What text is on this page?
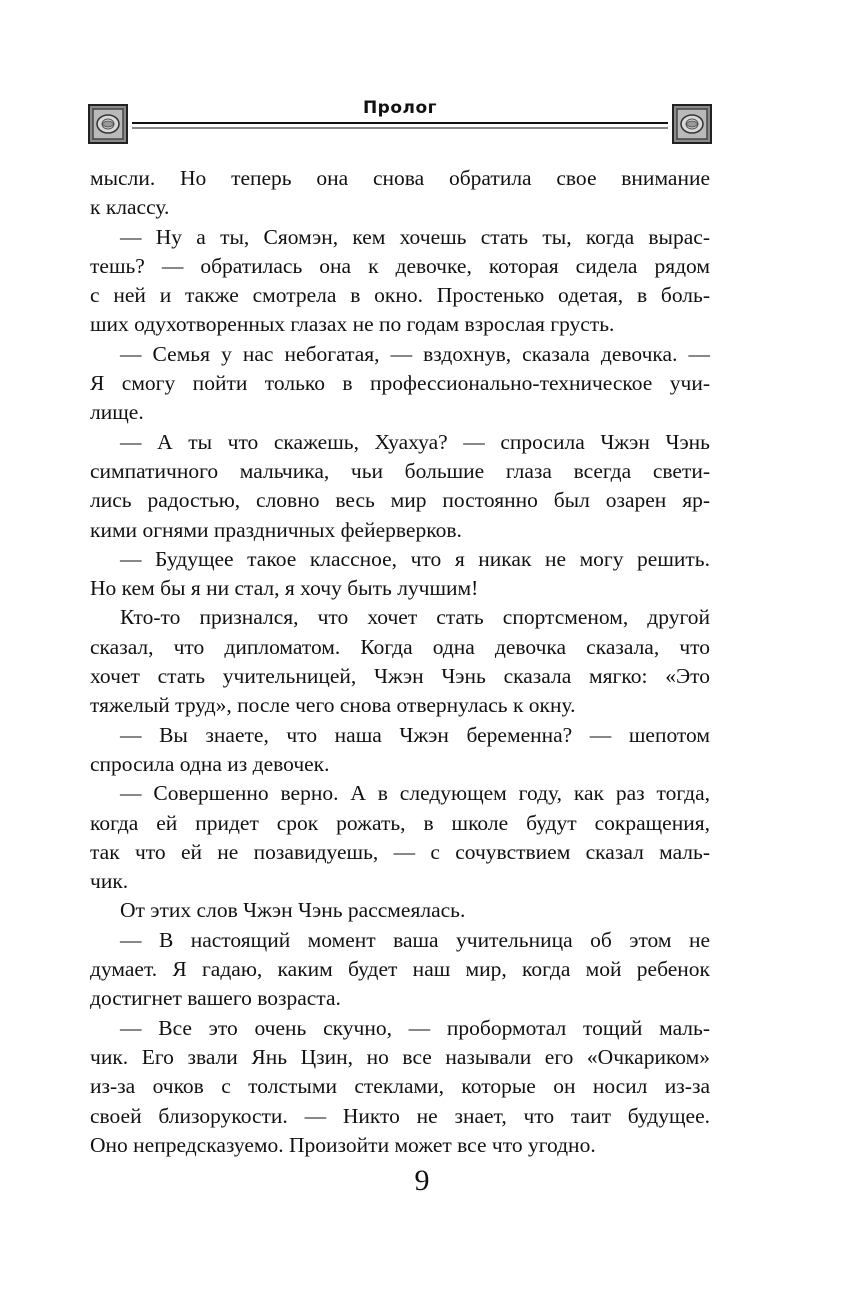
Пролог
мысли. Но теперь она снова обратила свое внимание
к классу.
— Ну а ты, Сяомэн, кем хочешь стать ты, когда вырас-
тешь? — обратилась она к девочке, которая сидела рядом
с ней и также смотрела в окно. Простенько одетая, в боль-
ших одухотворенных глазах не по годам взрослая грусть.
— Семья у нас небогатая, — вздохнув, сказала девочка. —
Я смогу пойти только в профессионально-техническое учи-
лище.
— А ты что скажешь, Хуахуа? — спросила Чжэн Чэнь
симпатичного мальчика, чьи большие глаза всегда свети-
лись радостью, словно весь мир постоянно был озарен яр-
кими огнями праздничных фейерверков.
— Будущее такое классное, что я никак не могу решить.
Но кем бы я ни стал, я хочу быть лучшим!
Кто-то признался, что хочет стать спортсменом, другой
сказал, что дипломатом. Когда одна девочка сказала, что
хочет стать учительницей, Чжэн Чэнь сказала мягко: «Это
тяжелый труд», после чего снова отвернулась к окну.
— Вы знаете, что наша Чжэн беременна? — шепотом
спросила одна из девочек.
— Совершенно верно. А в следующем году, как раз тогда,
когда ей придет срок рожать, в школе будут сокращения,
так что ей не позавидуешь, — с сочувствием сказал маль-
чик.
От этих слов Чжэн Чэнь рассмеялась.
— В настоящий момент ваша учительница об этом не
думает. Я гадаю, каким будет наш мир, когда мой ребенок
достигнет вашего возраста.
— Все это очень скучно, — пробормотал тощий маль-
чик. Его звали Янь Цзин, но все называли его «Очкариком»
из-за очков с толстыми стеклами, которые он носил из-за
своей близорукости. — Никто не знает, что таит будущее.
Оно непредсказуемо. Произойти может все что угодно.
9
